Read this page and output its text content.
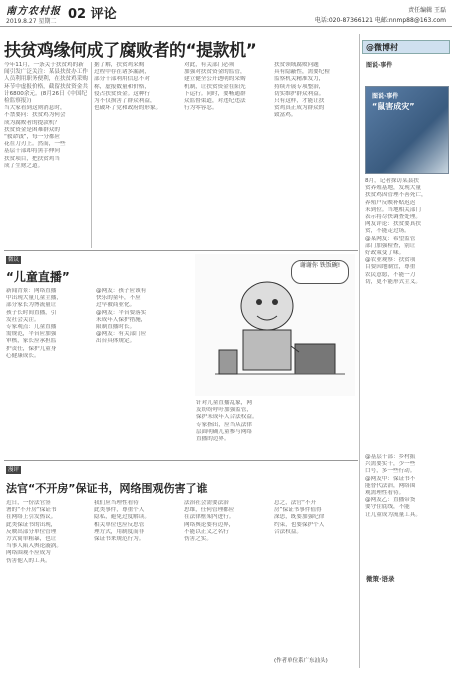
南方农村报
2019.8.27 星期二 02 评论	责任编辑 王磊
电话:020-87366121 电邮:nnmp88@163.com
扶贫鸡缘何成了腐败者的“提款机”
今年11月，一条关于扶贫鸡的新闻引发广泛关注：某县扶贫办工作人员利用职务便利，在扶贫鸡采购环节中虚报价格，截留扶贫资金共计6800余元。(8月26日《中国纪检监察报》)
当大家看到这则消息时，
不禁要问：扶贫鸡为何会
成为腐败者的提款机？
扶贫资金是困难群众的
“救命钱”，每一分都应
花在刀刃上。然而，一些
基层干部却将黑手伸向
扶贫项目，把扶贫鸡当
成了生财之道。
据了解，扶贫鸡采购
过程中存在诸多漏洞，
部分干部利用信息不对
称，虚报数量和价格，
侵占扶贫资金。这种行
为不仅损害了群众利益，
也破坏了党和政府的形象。
对此，有关部门必须
加强对扶贫资金的监管，
建立健全公开透明的采购
机制，让扶贫资金在阳光
下运行。同时，要畅通群
众监督渠道，对违纪违法
行为零容忍。
扶贫领域腐败问题
具有隐蔽性，需要纪检
监察机关精准发力，
持续开展专项整治，
切实维护群众利益。
只有这样，才能让扶
贫鸡真正成为群众的
致富鸡。
微议
“儿童直播”
新闻背景：网络直播
中出现大量儿童主播，
部分家长为博流量让
孩子长时间直播，引
发社会关注。
专家观点：儿童直播
需规范，平台应加强
审核，家长应承担监
护责任，保护儿童身
心健康成长。
@网友：孩子应该有
快乐的童年，不应
过早被商业化。
@网友：平台要落实
未成年人保护措施，
限制直播时长。
@网友：有关部门应
出台具体规定。
谢谢你 铁饭碗!
针对儿童直播乱象，网
友纷纷呼吁加强监管，
保护未成年人合法权益。
专家指出，应当从法律
层面明确儿童参与网络
直播的边界。
漫评
法官“不开房”保证书，网络围观伤害了谁
近日，一份法官签
署的“不开房”保证书
在网络上引发热议。
此类保证书的出现，
反映出部分单位管理
方式简单粗暴，也让
当事人陷入舆论漩涡。
网络围观不应成为
伤害他人的工具。
我们应当理性看待
此类事件，尊重个人
隐私，避免过度解读。
相关单位也应反思管
理方式，用制度而非
保证书来规范行为。
法治社会需要法治
思维，任何管理都应
在法律框架内进行。
网络舆论要有边界，
不能以正义之名行
伤害之实。
总之，法官“不开
房”保证书事件值得
深思，既要加强纪律
约束，也要保护个人
合法权益。
(作者单位系广东汕头)
@微博村
图说·事件
图说·事件
“鼠害成灾”
8月，记者探访某县扶
贫养殖基地，发现大量
扶贫鸡因管理不善死亡，
养殖户反映补贴迟迟
未到位。当地相关部门
表示将尽快调查处理。
网友评论：扶贫要真扶
贫，不能走过场。
@某网友：希望监管
部门加强检查，别让
好政策变了味。
@农业观察：扶贫项
目要因地制宜，尊重
农民意愿，不能一刀
切，更不能形式主义。
@基层干部：乡村振
兴需要实干，少一些
口号，多一些行动。
@网友甲：保证书不
能替代法治，网络围
观需理性看待。
@网友乙：直播带货
要守住底线，不能
让儿童成为流量工具。
微策·语录
